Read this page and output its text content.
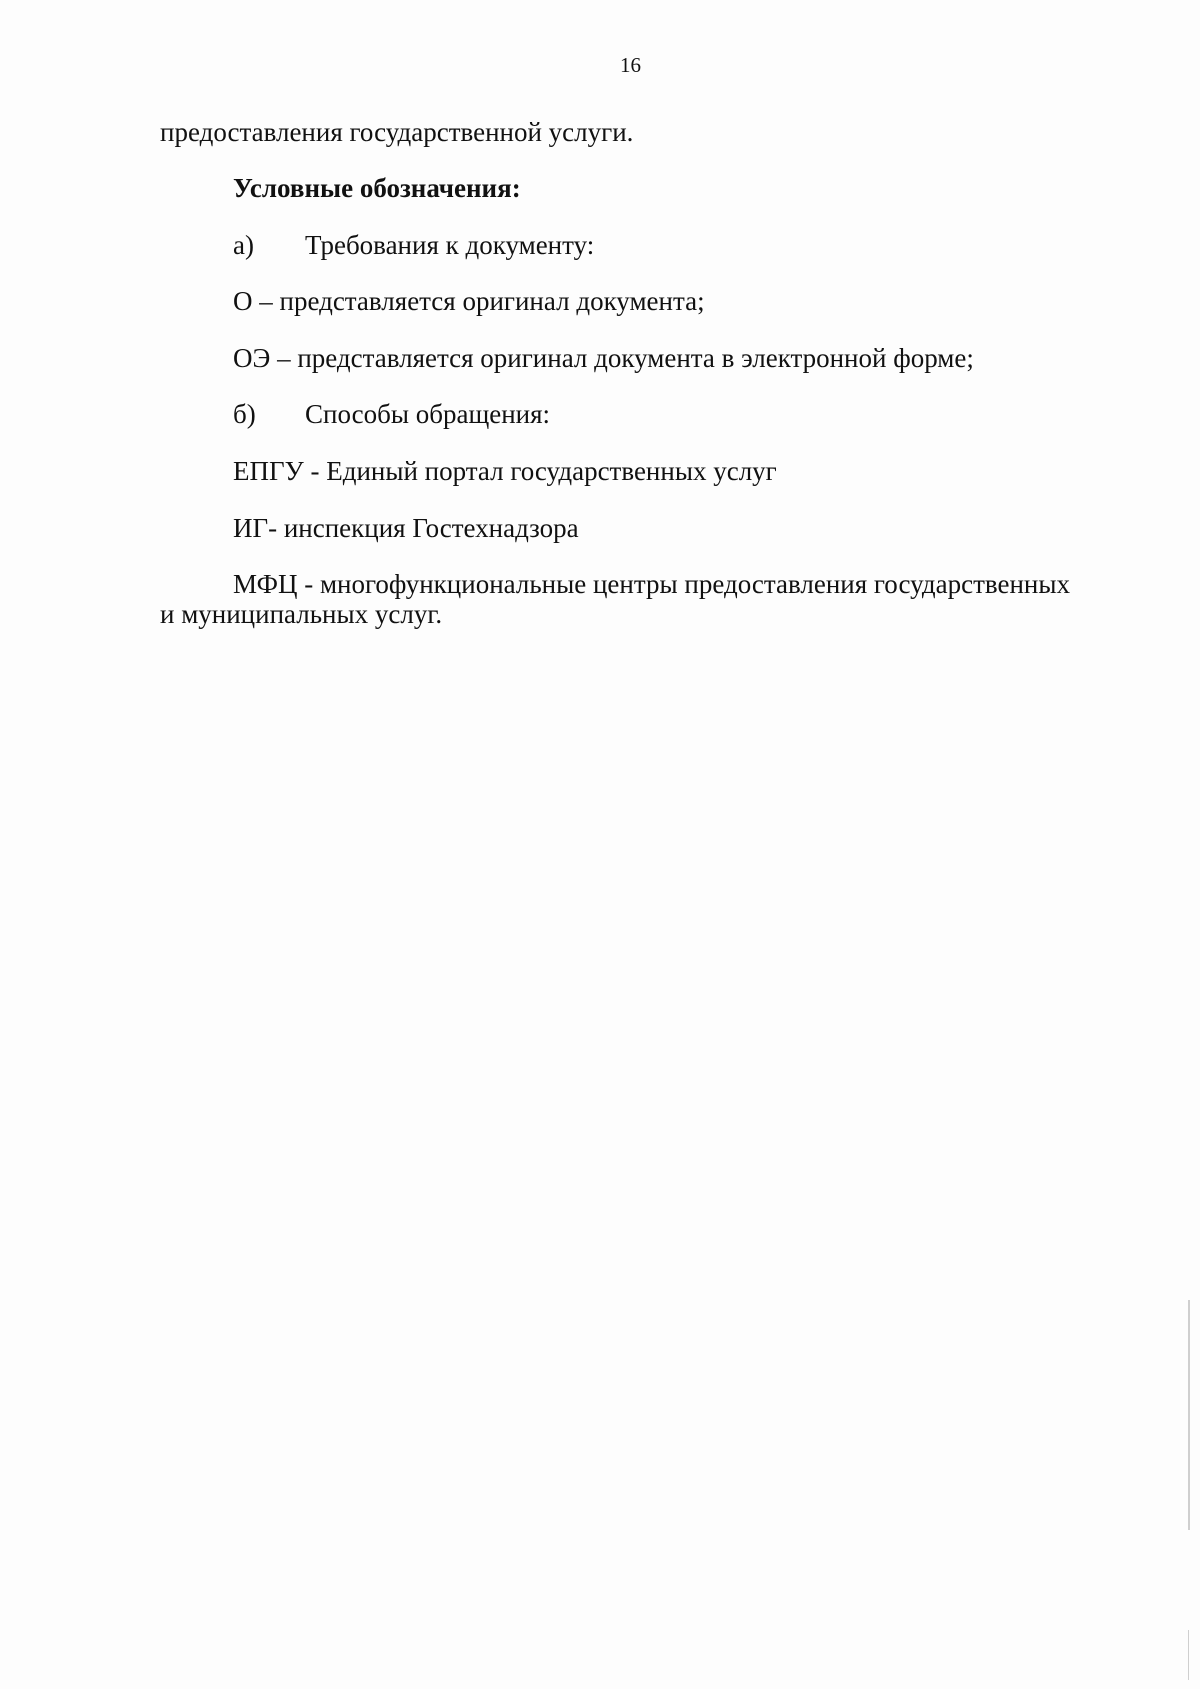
16
предоставления государственной услуги.
Условные обозначения:
а) Требования к документу:
О – представляется оригинал документа;
ОЭ – представляется оригинал документа в электронной форме;
б) Способы обращения:
ЕПГУ - Единый портал государственных услуг
ИГ- инспекция Гостехнадзора
МФЦ - многофункциональные центры предоставления государственных
и муниципальных услуг.
